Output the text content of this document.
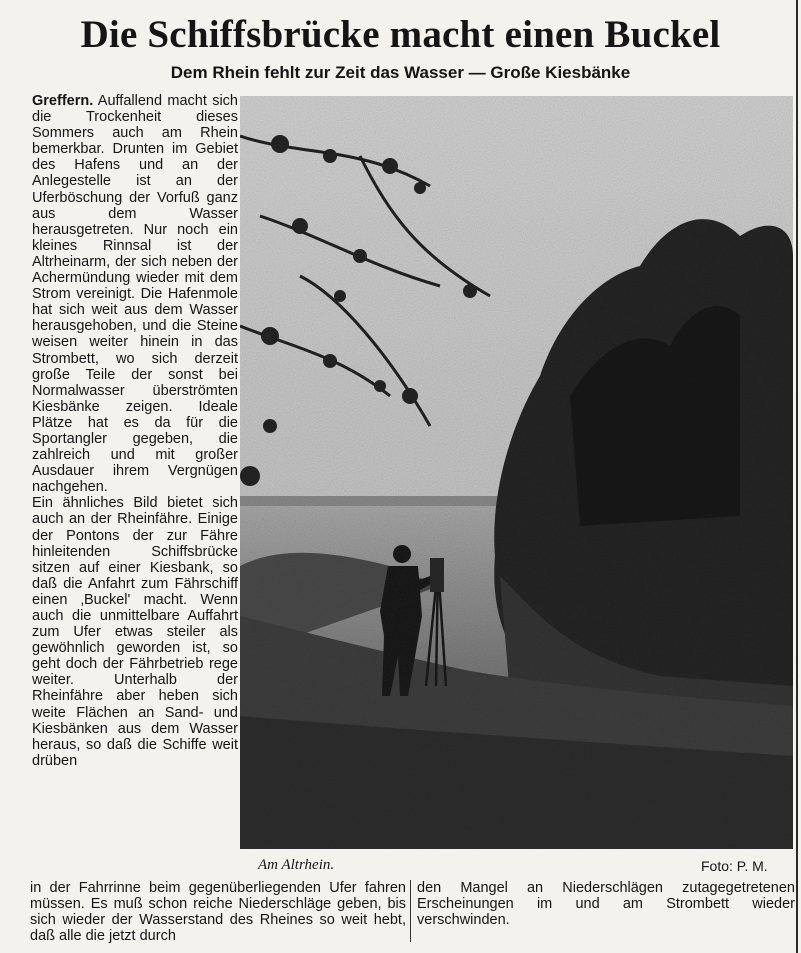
Die Schiffsbrücke macht einen Buckel
Dem Rhein fehlt zur Zeit das Wasser — Große Kiesbänke

Greffern. Auffallend macht sich die Trockenheit dieses Sommers auch am Rhein bemerkbar. Drunten im Gebiet des Hafens und an der Anlegestelle ist an der Uferböschung der Vorfuß ganz aus dem Wasser herausgetreten. Nur noch ein kleines Rinnsal ist der Altrheinarm, der sich neben der Achermündung wieder mit dem Strom vereinigt. Die Hafenmole hat sich weit aus dem Wasser herausgehoben, und die Steine weisen weiter hinein in das Strombett, wo sich derzeit große Teile der sonst bei Normalwasser überströmten Kiesbänke zeigen. Ideale Plätze hat es da für die Sportangler gegeben, die zahlreich und mit großer Ausdauer ihrem Vergnügen nachgehen.

Ein ähnliches Bild bietet sich auch an der Rheinfähre. Einige der Pontons der zur Fähre hinleitenden Schiffsbrücke sitzen auf einer Kiesbank, so daß die Anfahrt zum Fährschiff einen ‚Buckel' macht. Wenn auch die unmittelbare Auffahrt zum Ufer etwas steiler als gewöhnlich geworden ist, so geht doch der Fährbetrieb rege weiter. Unterhalb der Rheinfähre aber heben sich weite Flächen an Sand- und Kiesbänken aus dem Wasser heraus, so daß die Schiffe weit drüben

Am Altrhein.	Foto: P. M.

in der Fahrrinne beim gegenüberliegenden Ufer fahren müssen. Es muß schon reiche Niederschläge geben, bis sich wieder der Wasserstand des Rheines so weit hebt, daß alle die jetzt durch

den Mangel an Niederschlägen zutagegetretenen Erscheinungen im und am Strombett wieder verschwinden.
